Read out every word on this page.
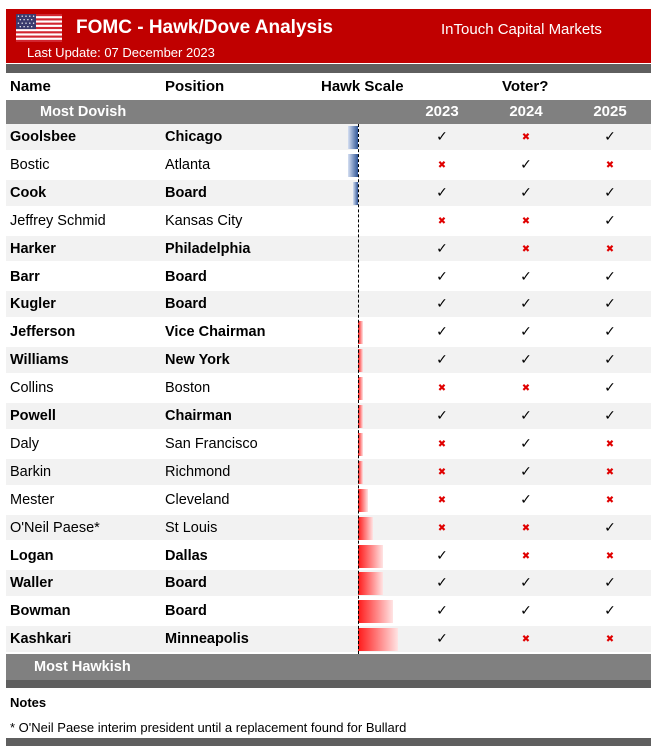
FOMC - Hawk/Dove Analysis	InTouch Capital Markets
Last Update: 07 December 2023
Name	Position	Hawk Scale	Voter?
Most Dovish	2023	2024	2025
Goolsbee	Chicago	✓	✖	✓
Bostic	Atlanta	✖	✓	✖
Cook	Board	✓	✓	✓
Jeffrey Schmid	Kansas City	✖	✖	✓
Harker	Philadelphia	✓	✖	✖
Barr	Board	✓	✓	✓
Kugler	Board	✓	✓	✓
Jefferson	Vice Chairman	✓	✓	✓
Williams	New York	✓	✓	✓
Collins	Boston	✖	✖	✓
Powell	Chairman	✓	✓	✓
Daly	San Francisco	✖	✓	✖
Barkin	Richmond	✖	✓	✖
Mester	Cleveland	✖	✓	✖
O'Neil Paese*	St Louis	✖	✖	✓
Logan	Dallas	✓	✖	✖
Waller	Board	✓	✓	✓
Bowman	Board	✓	✓	✓
Kashkari	Minneapolis	✓	✖	✖
Most Hawkish
Notes
* O'Neil Paese interim president until a replacement found for Bullard
